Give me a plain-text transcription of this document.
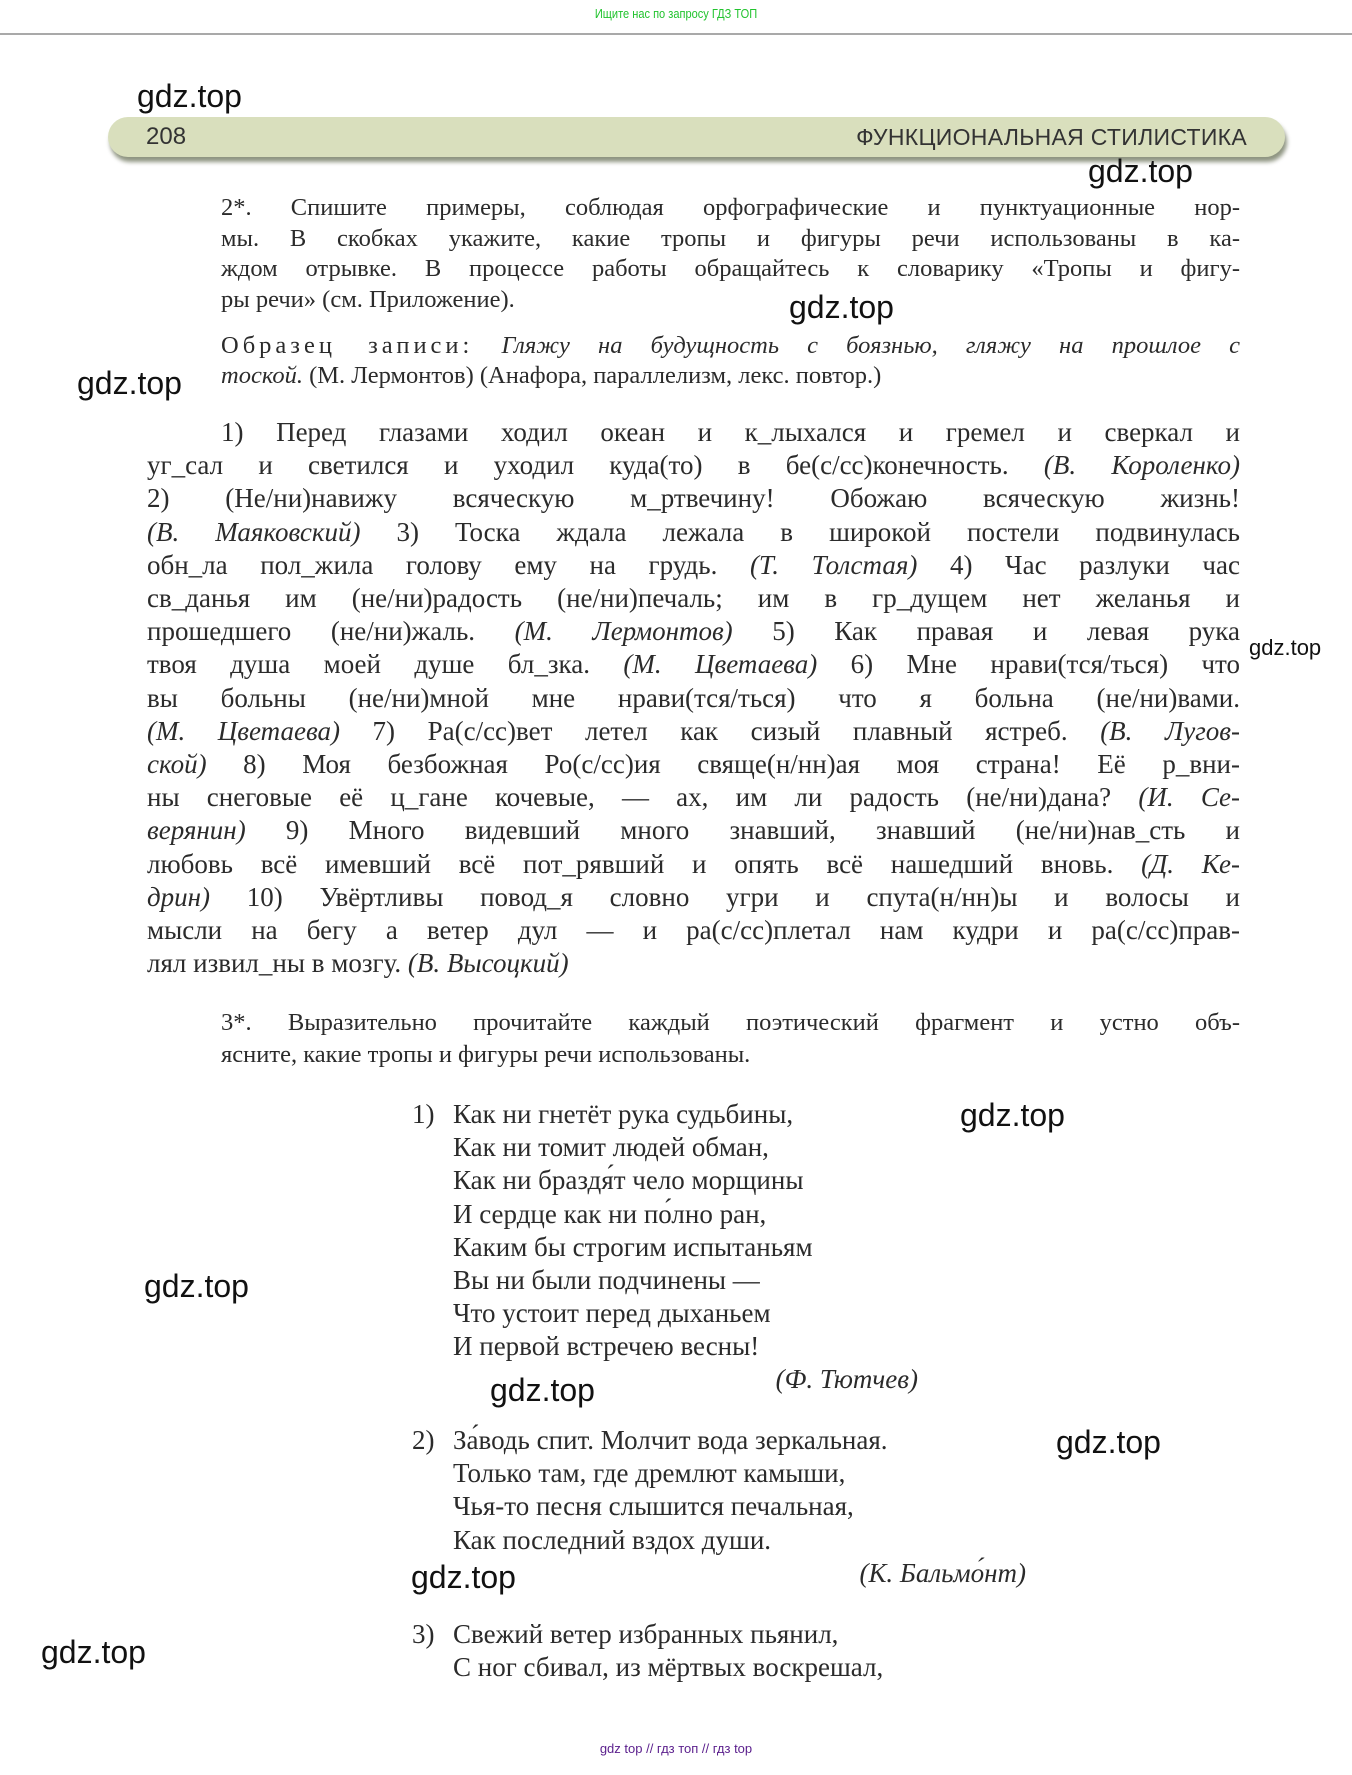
Ищите нас по запросу ГДЗ ТОП
208	ФУНКЦИОНАЛЬНАЯ СТИЛИСТИКА
2*. Спишите примеры, соблюдая орфографические и пунктуационные нор-
мы. В скобках укажите, какие тропы и фигуры речи использованы в ка-
ждом отрывке. В процессе работы обращайтесь к словарику «Тропы и фигу-
ры речи» (см. Приложение).
Образец записи: Гляжу на будущность с боязнью, гляжу на прошлое с
тоской. (М. Лермонтов) (Анафора, параллелизм, лекс. повтор.)
1) Перед глазами ходил океан и к_лыхался и гремел и сверкал и
уг_сал и светился и уходил куда(то) в бе(с/сс)конечность. (В. Короленко)
2) (Не/ни)навижу всяческую м_ртвечину! Обожаю всяческую жизнь!
(В. Маяковский) 3) Тоска ждала лежала в широкой постели подвинулась
обн_ла пол_жила голову ему на грудь. (Т. Толстая) 4) Час разлуки час
св_данья им (не/ни)радость (не/ни)печаль; им в гр_дущем нет желанья и
прошедшего (не/ни)жаль. (М. Лермонтов) 5) Как правая и левая рука
твоя душа моей душе бл_зка. (М. Цветаева) 6) Мне нрави(тся/ться) что
вы больны (не/ни)мной мне нрави(тся/ться) что я больна (не/ни)вами.
(М. Цветаева) 7) Ра(с/сс)вет летел как сизый плавный ястреб. (В. Лугов-
ской) 8) Моя безбожная Ро(с/сс)ия свяще(н/нн)ая моя страна! Её р_вни-
ны снеговые её ц_гане кочевые, — ах, им ли радость (не/ни)дана? (И. Се-
верянин) 9) Много видевший много знавший, знавший (не/ни)нав_сть и
любовь всё имевший всё пот_рявший и опять всё нашедший вновь. (Д. Ке-
дрин) 10) Увёртливы повод_я словно угри и спута(н/нн)ы и волосы и
мысли на бегу а ветер дул — и ра(с/сс)плетал нам кудри и ра(с/сс)прав-
лял извил_ны в мозгу. (В. Высоцкий)
3*. Выразительно прочитайте каждый поэтический фрагмент и устно объ-
ясните, какие тропы и фигуры речи использованы.
1) Как ни гнетёт рука судьбины,
Как ни томит людей обман,
Как ни браздя́т чело морщины
И сердце как ни по́лно ран,
Каким бы строгим испытаньям
Вы ни были подчинены —
Что устоит перед дыханьем
И первой встречею весны!
(Ф. Тютчев)
2) За́водь спит. Молчит вода зеркальная.
Только там, где дремлют камыши,
Чья-то песня слышится печальная,
Как последний вздох души.
(К. Бальмо́нт)
3) Свежий ветер избранных пьянил,
С ног сбивал, из мёртвых воскрешал,
gdz.top
gdz.top
gdz.top
gdz.top
gdz.top
gdz.top
gdz.top
gdz.top
gdz.top
gdz.top
gdz.top
gdz top // гдз топ // гдз top
